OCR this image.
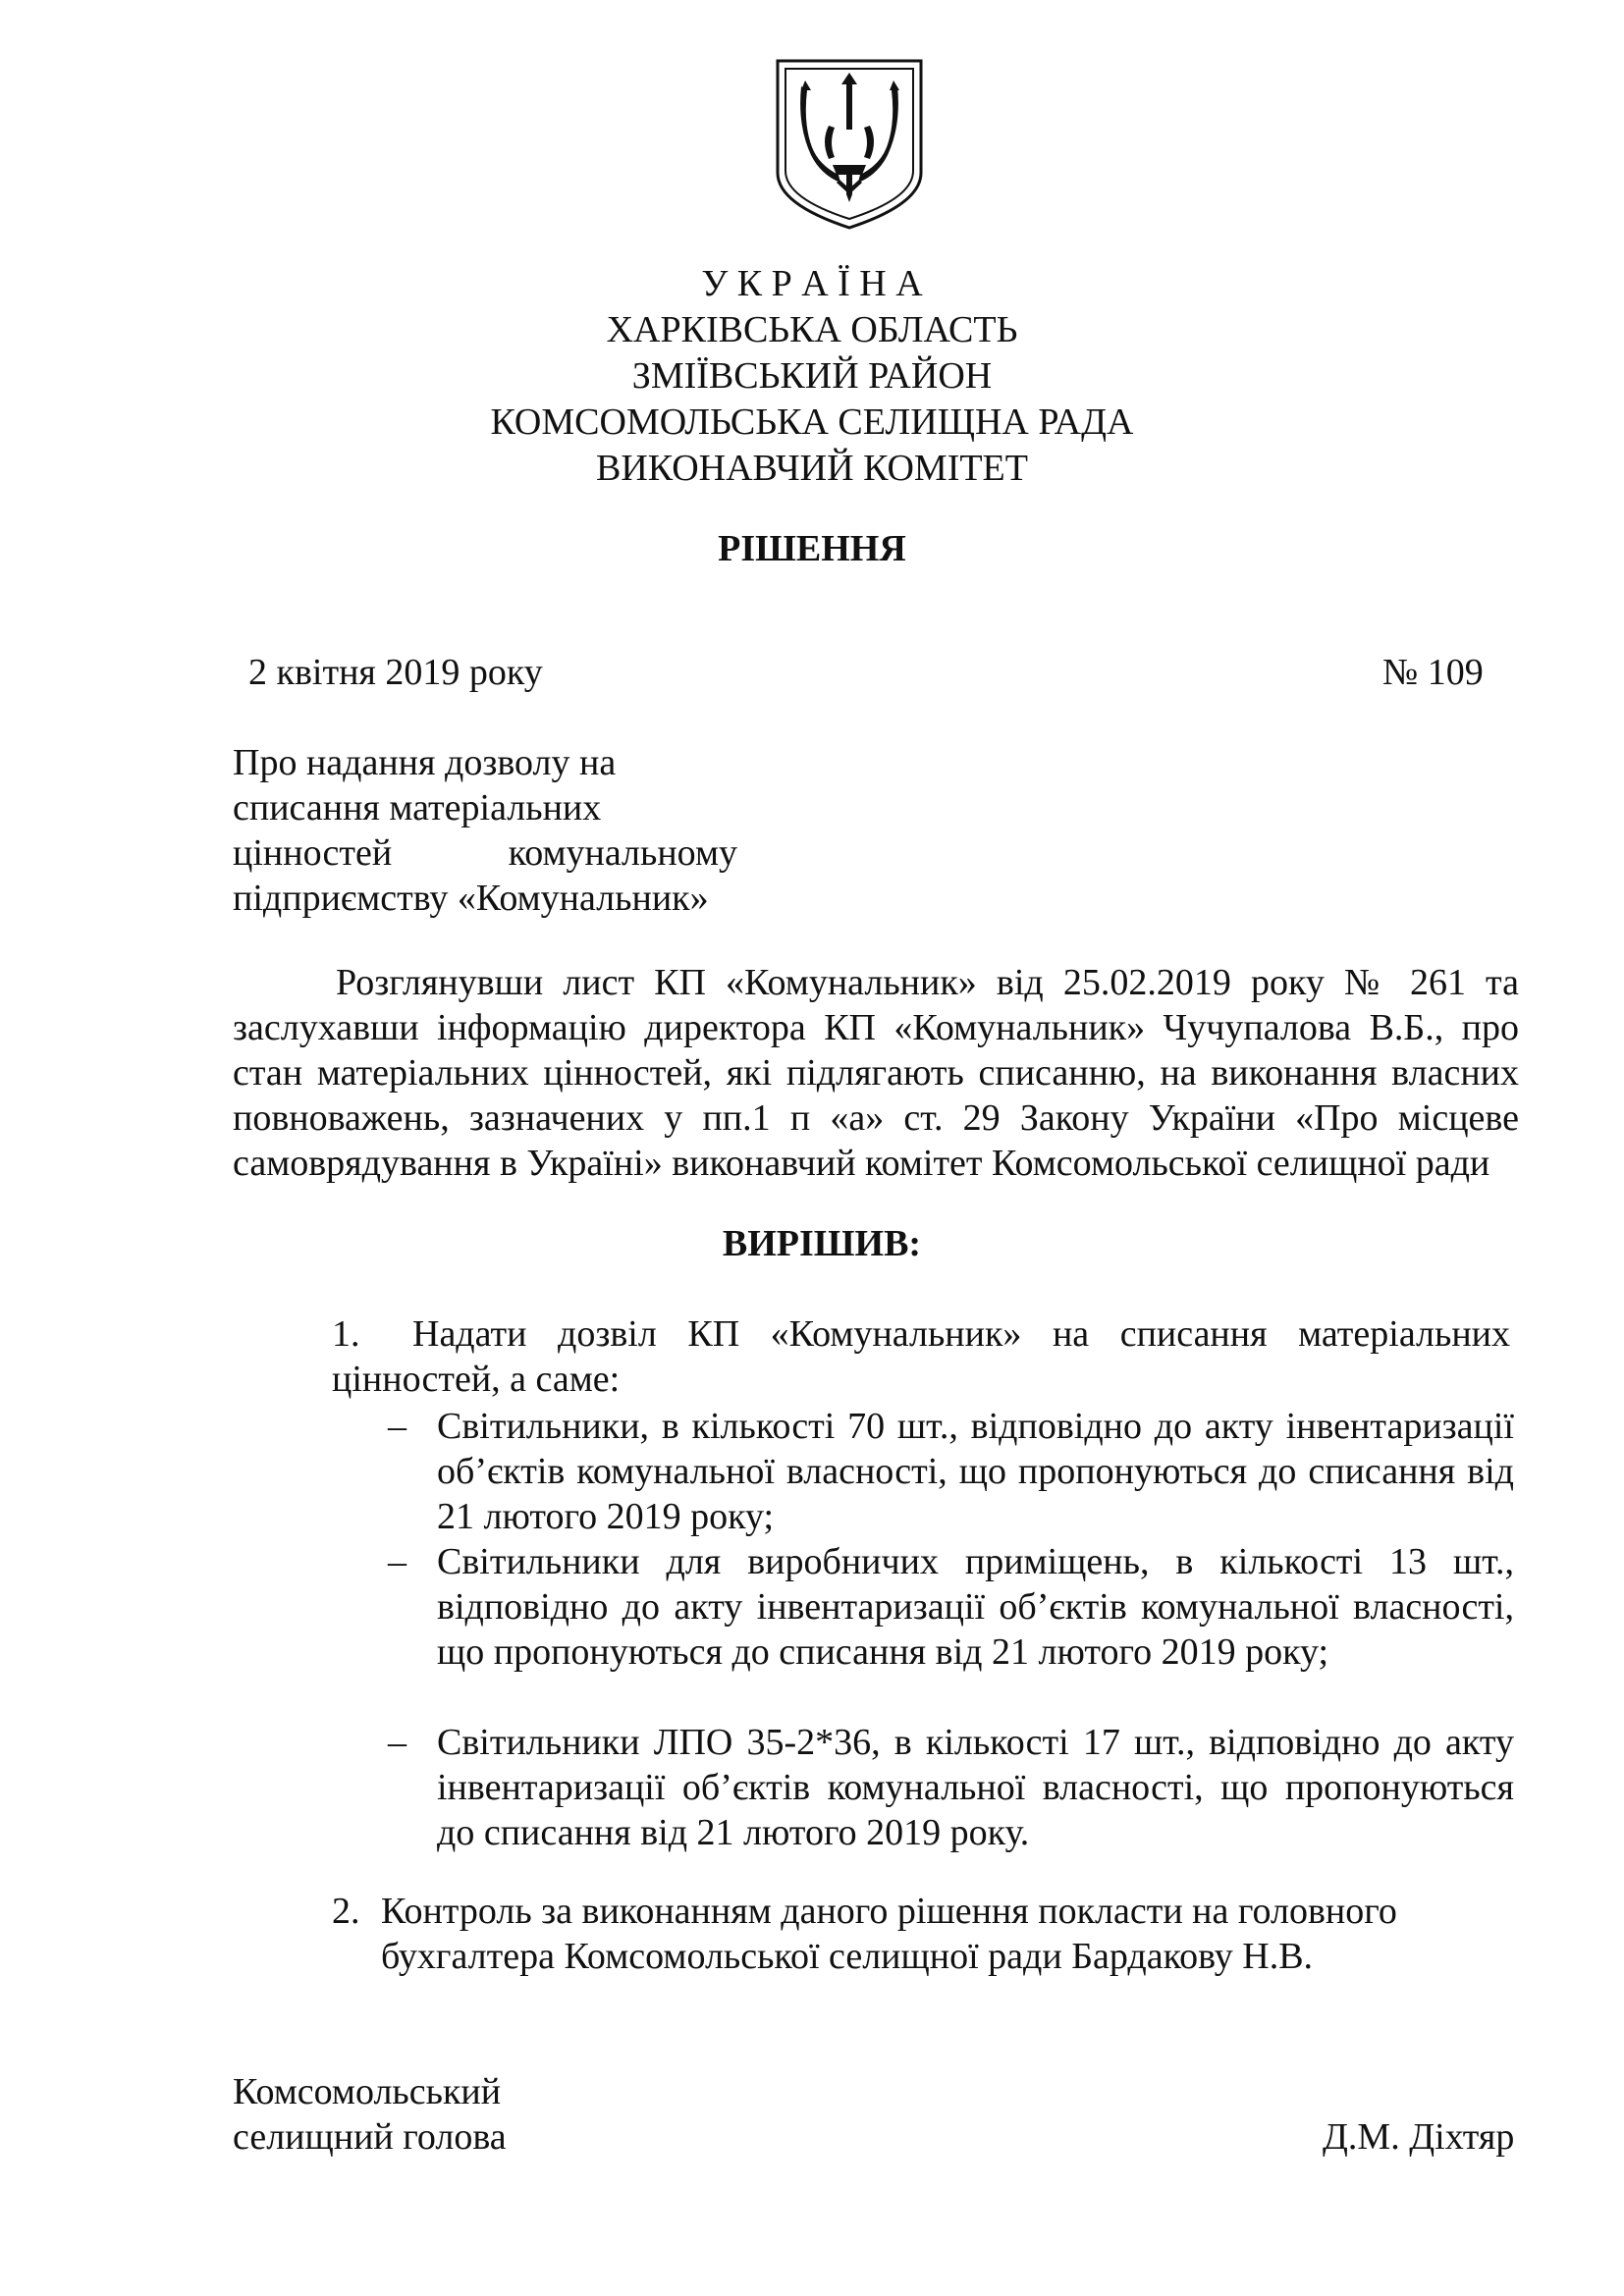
У К Р А Ї Н А
ХАРКІВСЬКА ОБЛАСТЬ
ЗМІЇВСЬКИЙ РАЙОН
КОМСОМОЛЬСЬКА СЕЛИЩНА РАДА
ВИКОНАВЧИЙ КОМІТЕТ
РІШЕННЯ
2 квітня 2019 року	№ 109
Про надання дозволу на
списання матеріальних
цінностей	комунальному
підприємству «Комунальник»
Розглянувши лист КП «Комунальник» від 25.02.2019 року № 261 та заслухавши інформацію директора КП «Комунальник» Чучупалова В.Б., про стан матеріальних цінностей, які підлягають списанню, на виконання власних повноважень, зазначених у пп.1 п «а» ст. 29 Закону України «Про місцеве самоврядування в Україні» виконавчий комітет Комсомольської селищної ради
ВИРІШИВ:
1.	Надати дозвіл КП «Комунальник» на списання матеріальних цінностей, а саме:
– Світильники, в кількості 70 шт., відповідно до акту інвентаризації об’єктів комунальної власності, що пропонуються до списання від 21 лютого 2019 року;
– Світильники для виробничих приміщень, в кількості 13 шт., відповідно до акту інвентаризації об’єктів комунальної власності, що пропонуються до списання від 21 лютого 2019 року;
– Світильники ЛПО 35-2*36, в кількості 17 шт., відповідно до акту інвентаризації об’єктів комунальної власності, що пропонуються до списання від 21 лютого 2019 року.
2. Контроль за виконанням даного рішення покласти на головного бухгалтера Комсомольської селищної ради Бардакову Н.В.
Комсомольський
селищний голова	Д.М. Діхтяр
